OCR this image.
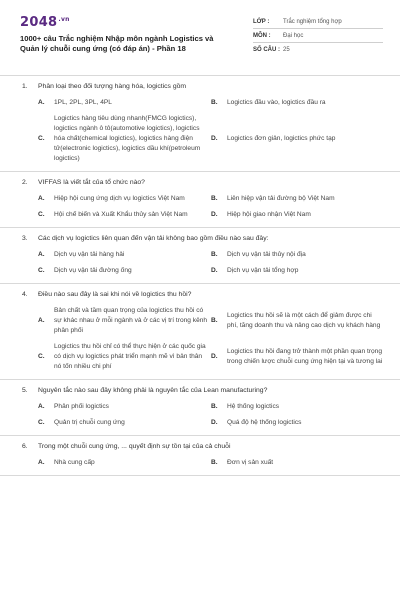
$2048^{.vn}$
1000+ câu Trắc nghiệm Nhập môn ngành Logistics và Quản lý chuỗi cung ứng (có đáp án) - Phần 18
LỚP :	Trắc nghiệm tổng hợp
MÔN :	Đại học
SỐ CÂU : 25
1. Phân loại theo đối tượng hàng hóa, logictics gồm
A.	1PL, 2PL, 3PL, 4PL	B.	Logictics đầu vào, logictics đầu ra
C.
Logictics hàng tiêu dùng nhanh(FMCG logictics), logictics ngành ô tô(automotive logictics), logictics hóa chất(chemical logictics), logictics hàng điện tử(electronic logictics), logictics dầu khí(petroleum logictics)
D.	Logictics đơn giản, logictics phức tạp
2. VIFFAS là viết tắt của tổ chức nào?
A.	Hiệp hội cung ứng dịch vụ logictics Việt Nam	B.	Liên hiệp vận tải đường bộ Việt Nam
C.	Hội chế biến và Xuất Khẩu thủy sản Việt Nam	D.	Hiệp hội giao nhận Việt Nam
3. Các dịch vụ logictics liên quan đến vận tải không bao gồm điều nào sau đây:
A.	Dịch vụ vận tải hàng hải	B.	Dịch vụ vận tải thủy nội địa
C.	Dịch vụ vận tải đường ống	D.	Dịch vụ vận tải tổng hợp
4. Điều nào sau đây là sai khi nói về logictics thu hồi?
A.
Bản chất và tầm quan trọng của logictics thu hồi có sự khác nhau ở mỗi ngành và ở các vị trí trong kênh phân phối
B.
Logictics thu hồi sẽ là một cách để giảm được chi phí, tăng doanh thu và nâng cao dịch vụ khách hàng
C.
Logictics thu hồi chỉ có thể thực hiện ở các quốc gia có dịch vụ logictics phát triển mạnh mẽ vì bản thân nó tốn nhiều chi phí
D.
Logictics thu hồi đang trở thành một phần quan trọng trong chiến lược chuỗi cung ứng hiện tại và tương lai
5. Nguyên tắc nào sau đây không phải là nguyên tắc của Lean manufacturing?
A.	Phân phối logictics	B.	Hệ thống logictics
C.	Quản trị chuỗi cung ứng	D.	Quá độ hệ thống logictics
6. Trong một chuỗi cung ứng, ... quyết định sự tồn tại của cả chuỗi
A.	Nhà cung cấp	B.	Đơn vị sản xuất
